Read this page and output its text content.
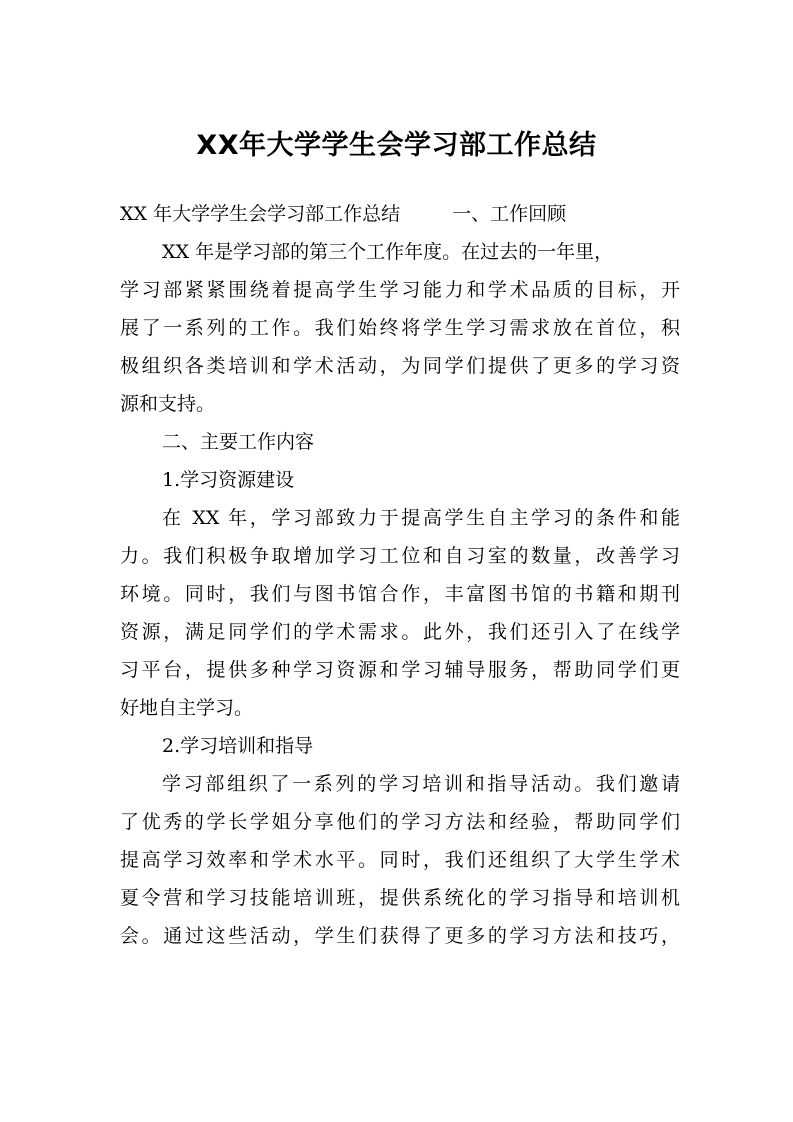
XX年大学学生会学习部工作总结
XX 年大学学生会学习部工作总结	一、工作回顾
XX 年是学习部的第三个工作年度。在过去的一年里，
学习部紧紧围绕着提高学生学习能力和学术品质的目标，开
展了一系列的工作。我们始终将学生学习需求放在首位，积
极组织各类培训和学术活动，为同学们提供了更多的学习资
源和支持。
二、主要工作内容
1.学习资源建设
在 XX 年，学习部致力于提高学生自主学习的条件和能
力。我们积极争取增加学习工位和自习室的数量，改善学习
环境。同时，我们与图书馆合作，丰富图书馆的书籍和期刊
资源，满足同学们的学术需求。此外，我们还引入了在线学
习平台，提供多种学习资源和学习辅导服务，帮助同学们更
好地自主学习。
2.学习培训和指导
学习部组织了一系列的学习培训和指导活动。我们邀请
了优秀的学长学姐分享他们的学习方法和经验，帮助同学们
提高学习效率和学术水平。同时，我们还组织了大学生学术
夏令营和学习技能培训班，提供系统化的学习指导和培训机
会。通过这些活动，学生们获得了更多的学习方法和技巧，
